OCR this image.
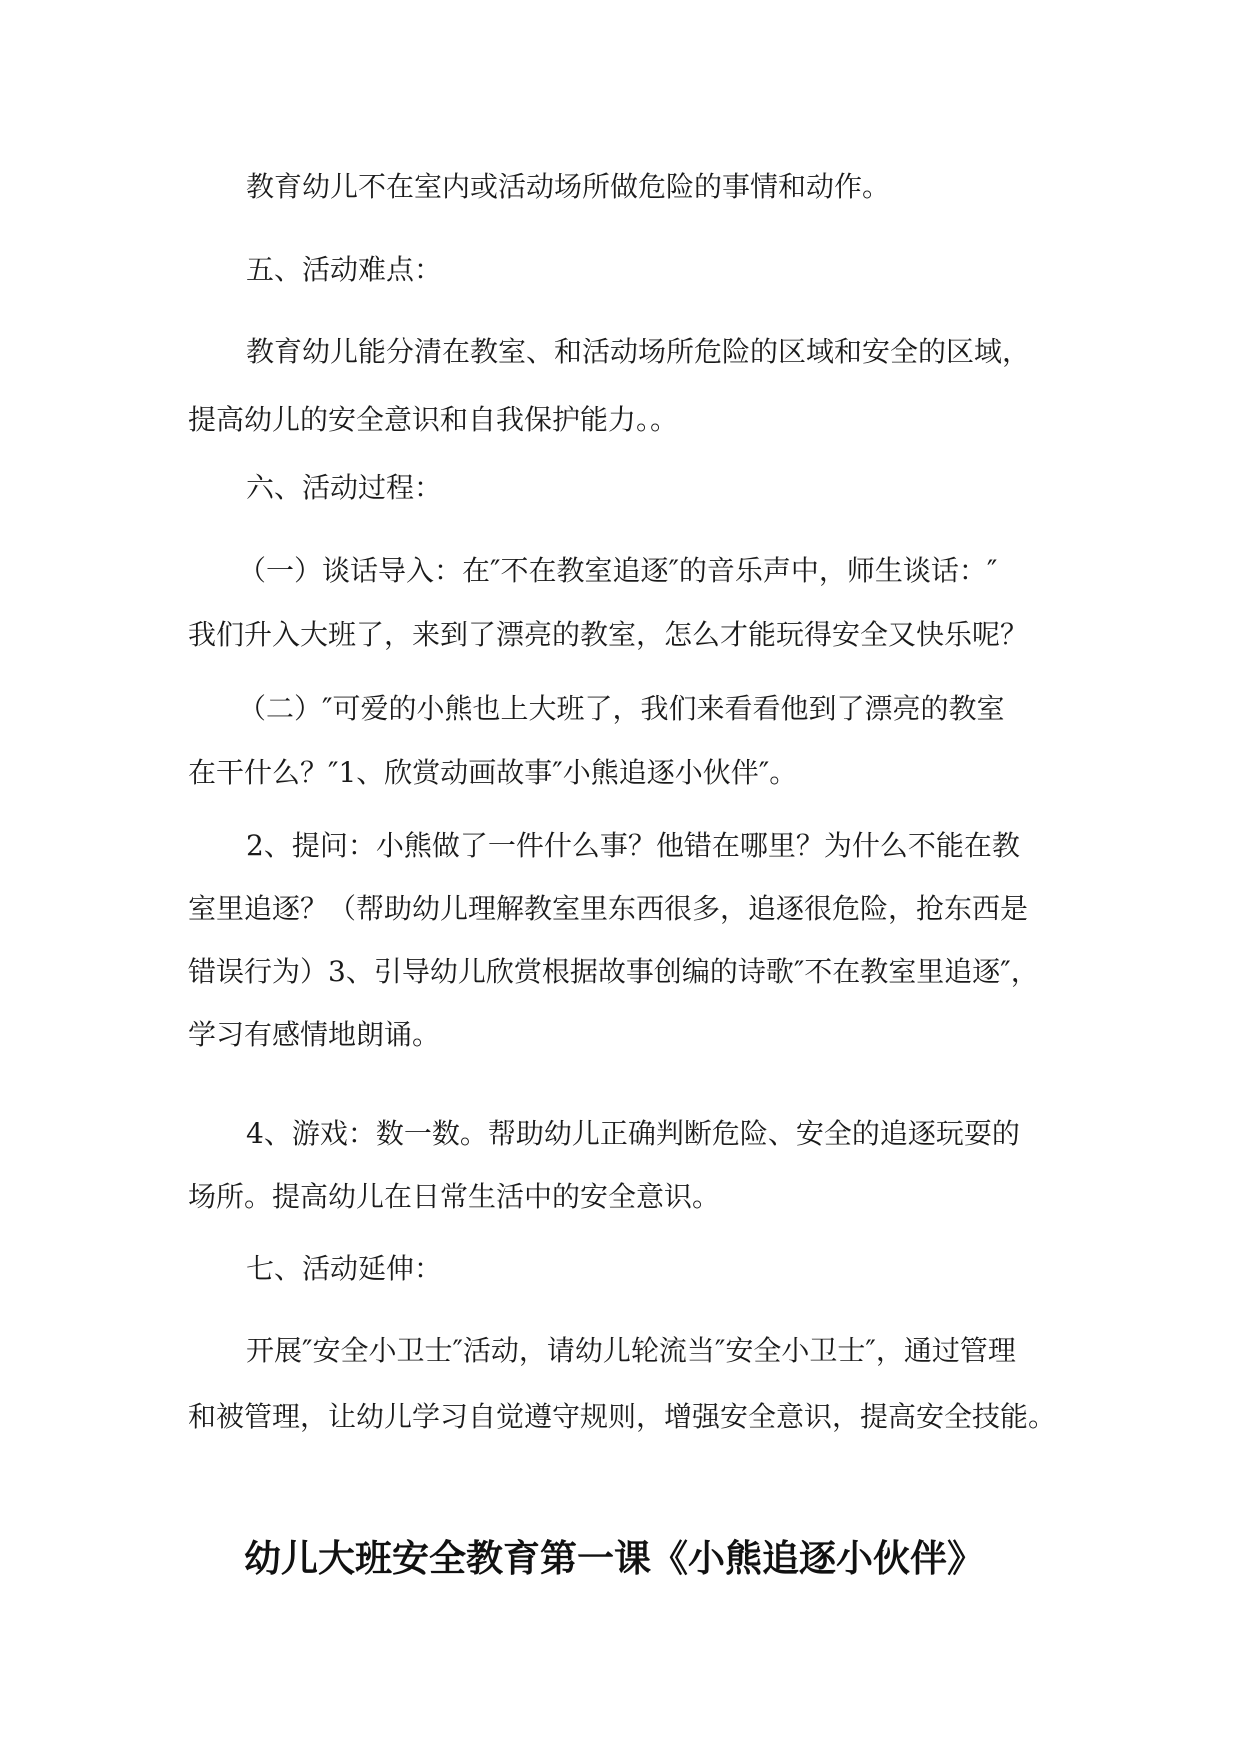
教育幼儿不在室内或活动场所做危险的事情和动作。

五、活动难点：

教育幼儿能分清在教室、和活动场所危险的区域和安全的区域，
提高幼儿的安全意识和自我保护能力。。

六、活动过程：

（一）谈话导入：在″不在教室追逐″的音乐声中，师生谈话：″
我们升入大班了，来到了漂亮的教室，怎么才能玩得安全又快乐呢？

（二）″可爱的小熊也上大班了，我们来看看他到了漂亮的教室
在干什么？″1、欣赏动画故事″小熊追逐小伙伴″。

2、提问：小熊做了一件什么事？他错在哪里？为什么不能在教
室里追逐？（帮助幼儿理解教室里东西很多，追逐很危险，抢东西是
错误行为）3、引导幼儿欣赏根据故事创编的诗歌″不在教室里追逐″，
学习有感情地朗诵。

4、游戏：数一数。帮助幼儿正确判断危险、安全的追逐玩耍的
场所。提高幼儿在日常生活中的安全意识。

七、活动延伸：

开展″安全小卫士″活动，请幼儿轮流当″安全小卫士″，通过管理
和被管理，让幼儿学习自觉遵守规则，增强安全意识，提高安全技能。

幼儿大班安全教育第一课《小熊追逐小伙伴》
